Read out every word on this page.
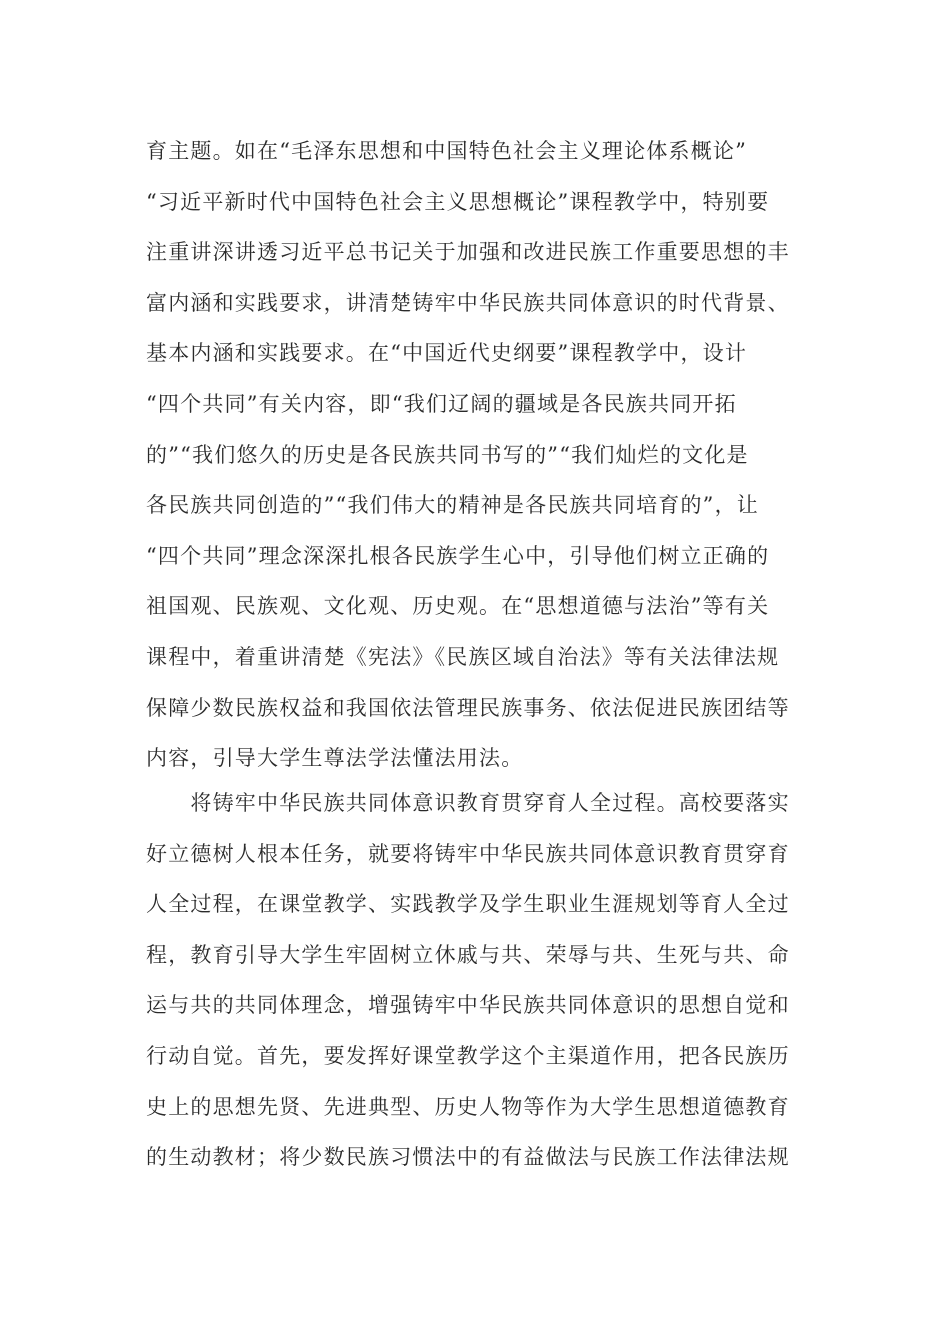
育主题。如在“毛泽东思想和中国特色社会主义理论体系概论”
“习近平新时代中国特色社会主义思想概论”课程教学中，特别要
注重讲深讲透习近平总书记关于加强和改进民族工作重要思想的丰
富内涵和实践要求，讲清楚铸牢中华民族共同体意识的时代背景、
基本内涵和实践要求。在“中国近代史纲要”课程教学中，设计
“四个共同”有关内容，即“我们辽阔的疆域是各民族共同开拓
的”“我们悠久的历史是各民族共同书写的”“我们灿烂的文化是
各民族共同创造的”“我们伟大的精神是各民族共同培育的”，让
“四个共同”理念深深扎根各民族学生心中，引导他们树立正确的
祖国观、民族观、文化观、历史观。在“思想道德与法治”等有关
课程中，着重讲清楚《宪法》《民族区域自治法》等有关法律法规
保障少数民族权益和我国依法管理民族事务、依法促进民族团结等
内容，引导大学生尊法学法懂法用法。
　　将铸牢中华民族共同体意识教育贯穿育人全过程。高校要落实
好立德树人根本任务，就要将铸牢中华民族共同体意识教育贯穿育
人全过程，在课堂教学、实践教学及学生职业生涯规划等育人全过
程，教育引导大学生牢固树立休戚与共、荣辱与共、生死与共、命
运与共的共同体理念，增强铸牢中华民族共同体意识的思想自觉和
行动自觉。首先，要发挥好课堂教学这个主渠道作用，把各民族历
史上的思想先贤、先进典型、历史人物等作为大学生思想道德教育
的生动教材；将少数民族习惯法中的有益做法与民族工作法律法规
